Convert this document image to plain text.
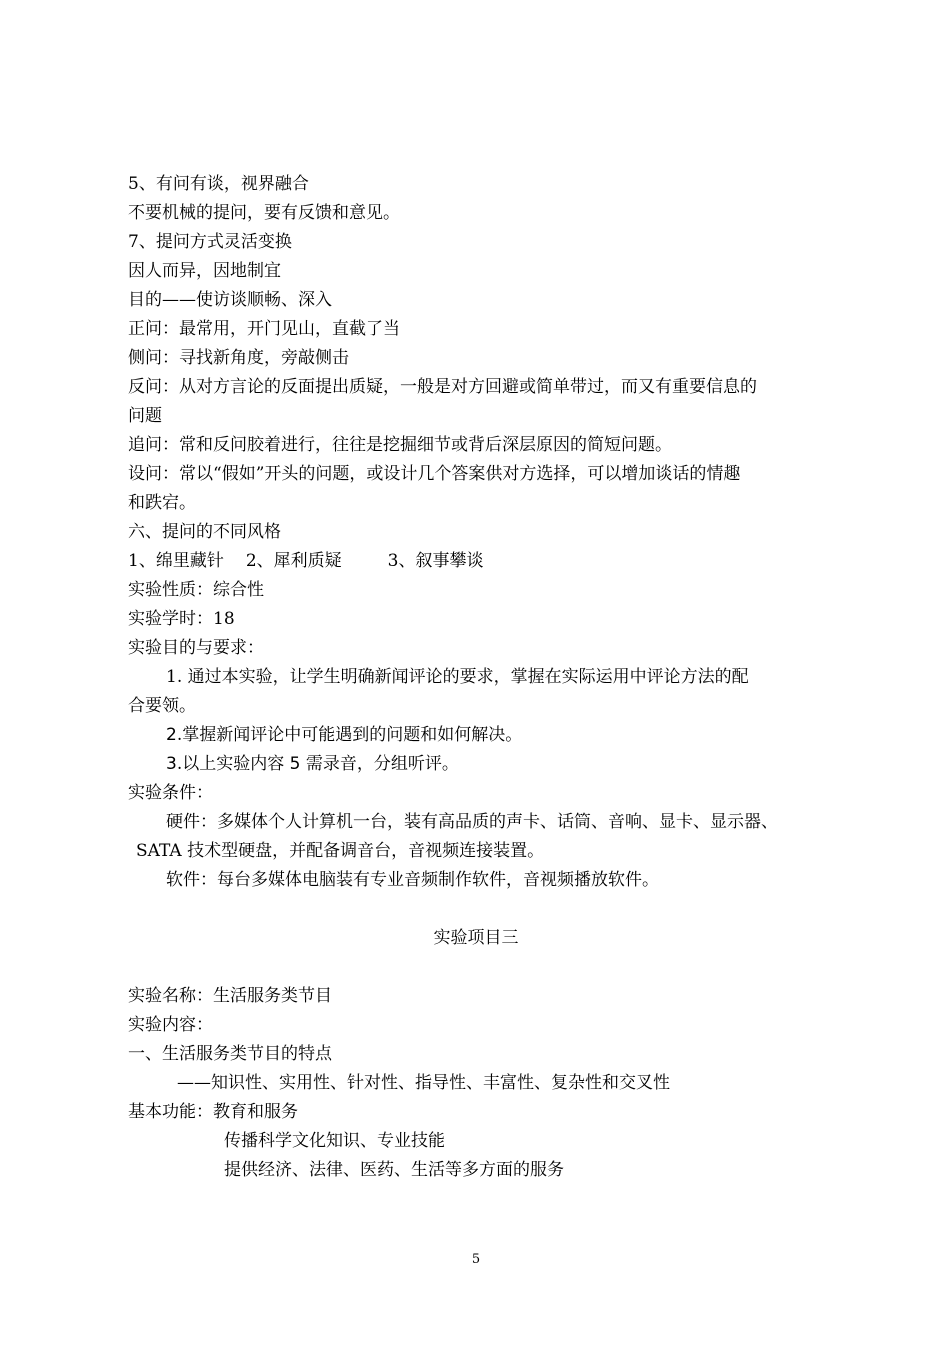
5、有问有谈，视界融合
不要机械的提问，要有反馈和意见。
7、提问方式灵活变换
因人而异，因地制宜
目的——使访谈顺畅、深入
正问：最常用，开门见山，直截了当
侧问：寻找新角度，旁敲侧击
反问：从对方言论的反面提出质疑，一般是对方回避或简单带过，而又有重要信息的
问题
追问：常和反问胶着进行，往往是挖掘细节或背后深层原因的简短问题。
设问：常以“假如”开头的问题，或设计几个答案供对方选择，可以增加谈话的情趣
和跌宕。
六、提问的不同风格
1、绵里藏针 2、犀利质疑	3、叙事攀谈
实验性质：综合性
实验学时：18
实验目的与要求：
1. 通过本实验，让学生明确新闻评论的要求，掌握在实际运用中评论方法的配
合要领。
2.掌握新闻评论中可能遇到的问题和如何解决。
3.以上实验内容 5 需录音，分组听评。
实验条件：
硬件：多媒体个人计算机一台，装有高品质的声卡、话筒、音响、显卡、显示器、
SATA 技术型硬盘，并配备调音台，音视频连接装置。
软件：每台多媒体电脑装有专业音频制作软件，音视频播放软件。
实验项目三
实验名称：生活服务类节目
实验内容：
一、生活服务类节目的特点
——知识性、实用性、针对性、指导性、丰富性、复杂性和交叉性
基本功能：教育和服务
传播科学文化知识、专业技能
提供经济、法律、医药、生活等多方面的服务
5
